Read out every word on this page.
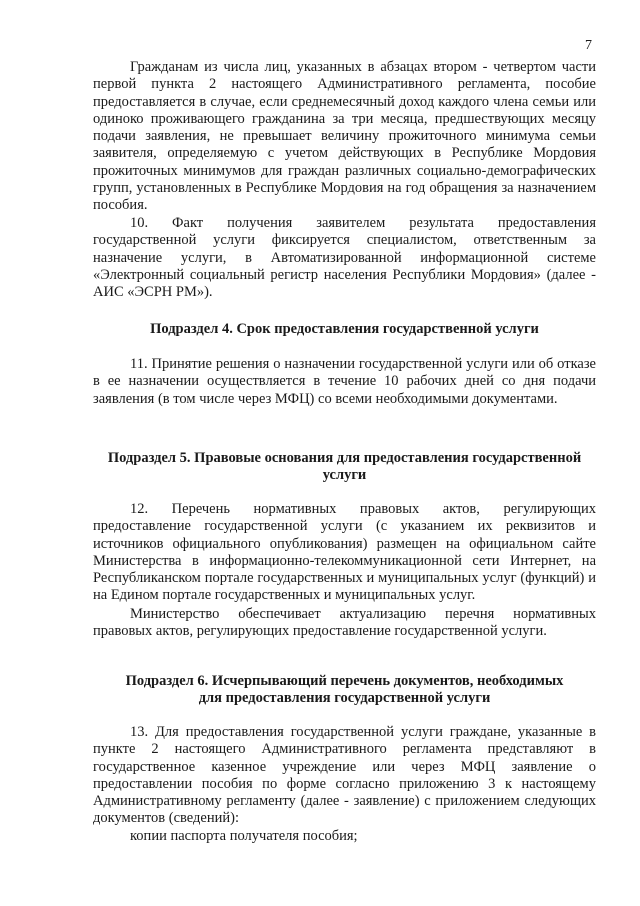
7

Гражданам из числа лиц, указанных в абзацах втором - четвертом части первой пункта 2 настоящего Административного регламента, пособие предоставляется в случае, если среднемесячный доход каждого члена семьи или одиноко проживающего гражданина за три месяца, предшествующих месяцу подачи заявления, не превышает величину прожиточного минимума семьи заявителя, определяемую с учетом действующих в Республике Мордовия прожиточных минимумов для граждан различных социально-демографических групп, установленных в Республике Мордовия на год обращения за назначением пособия.

10. Факт получения заявителем результата предоставления государственной услуги фиксируется специалистом, ответственным за назначение услуги, в Автоматизированной информационной системе «Электронный социальный регистр населения Республики Мордовия» (далее - АИС «ЭСРН РМ»).

Подраздел 4. Срок предоставления государственной услуги

11. Принятие решения о назначении государственной услуги или об отказе в ее назначении осуществляется в течение 10 рабочих дней со дня подачи заявления (в том числе через МФЦ) со всеми необходимыми документами.

Подраздел 5. Правовые основания для предоставления государственной услуги

12. Перечень нормативных правовых актов, регулирующих предоставление государственной услуги (с указанием их реквизитов и источников официального опубликования) размещен на официальном сайте Министерства в информационно-телекоммуникационной сети Интернет, на Республиканском портале государственных и муниципальных услуг (функций) и на Едином портале государственных и муниципальных услуг.

Министерство обеспечивает актуализацию перечня нормативных правовых актов, регулирующих предоставление государственной услуги.

Подраздел 6. Исчерпывающий перечень документов, необходимых

для предоставления государственной услуги

13. Для предоставления государственной услуги граждане, указанные в пункте 2 настоящего Административного регламента представляют в государственное казенное учреждение или через МФЦ заявление о предоставлении пособия по форме согласно приложению 3 к настоящему Административному регламенту (далее - заявление) с приложением следующих документов (сведений):

копии паспорта получателя пособия;
